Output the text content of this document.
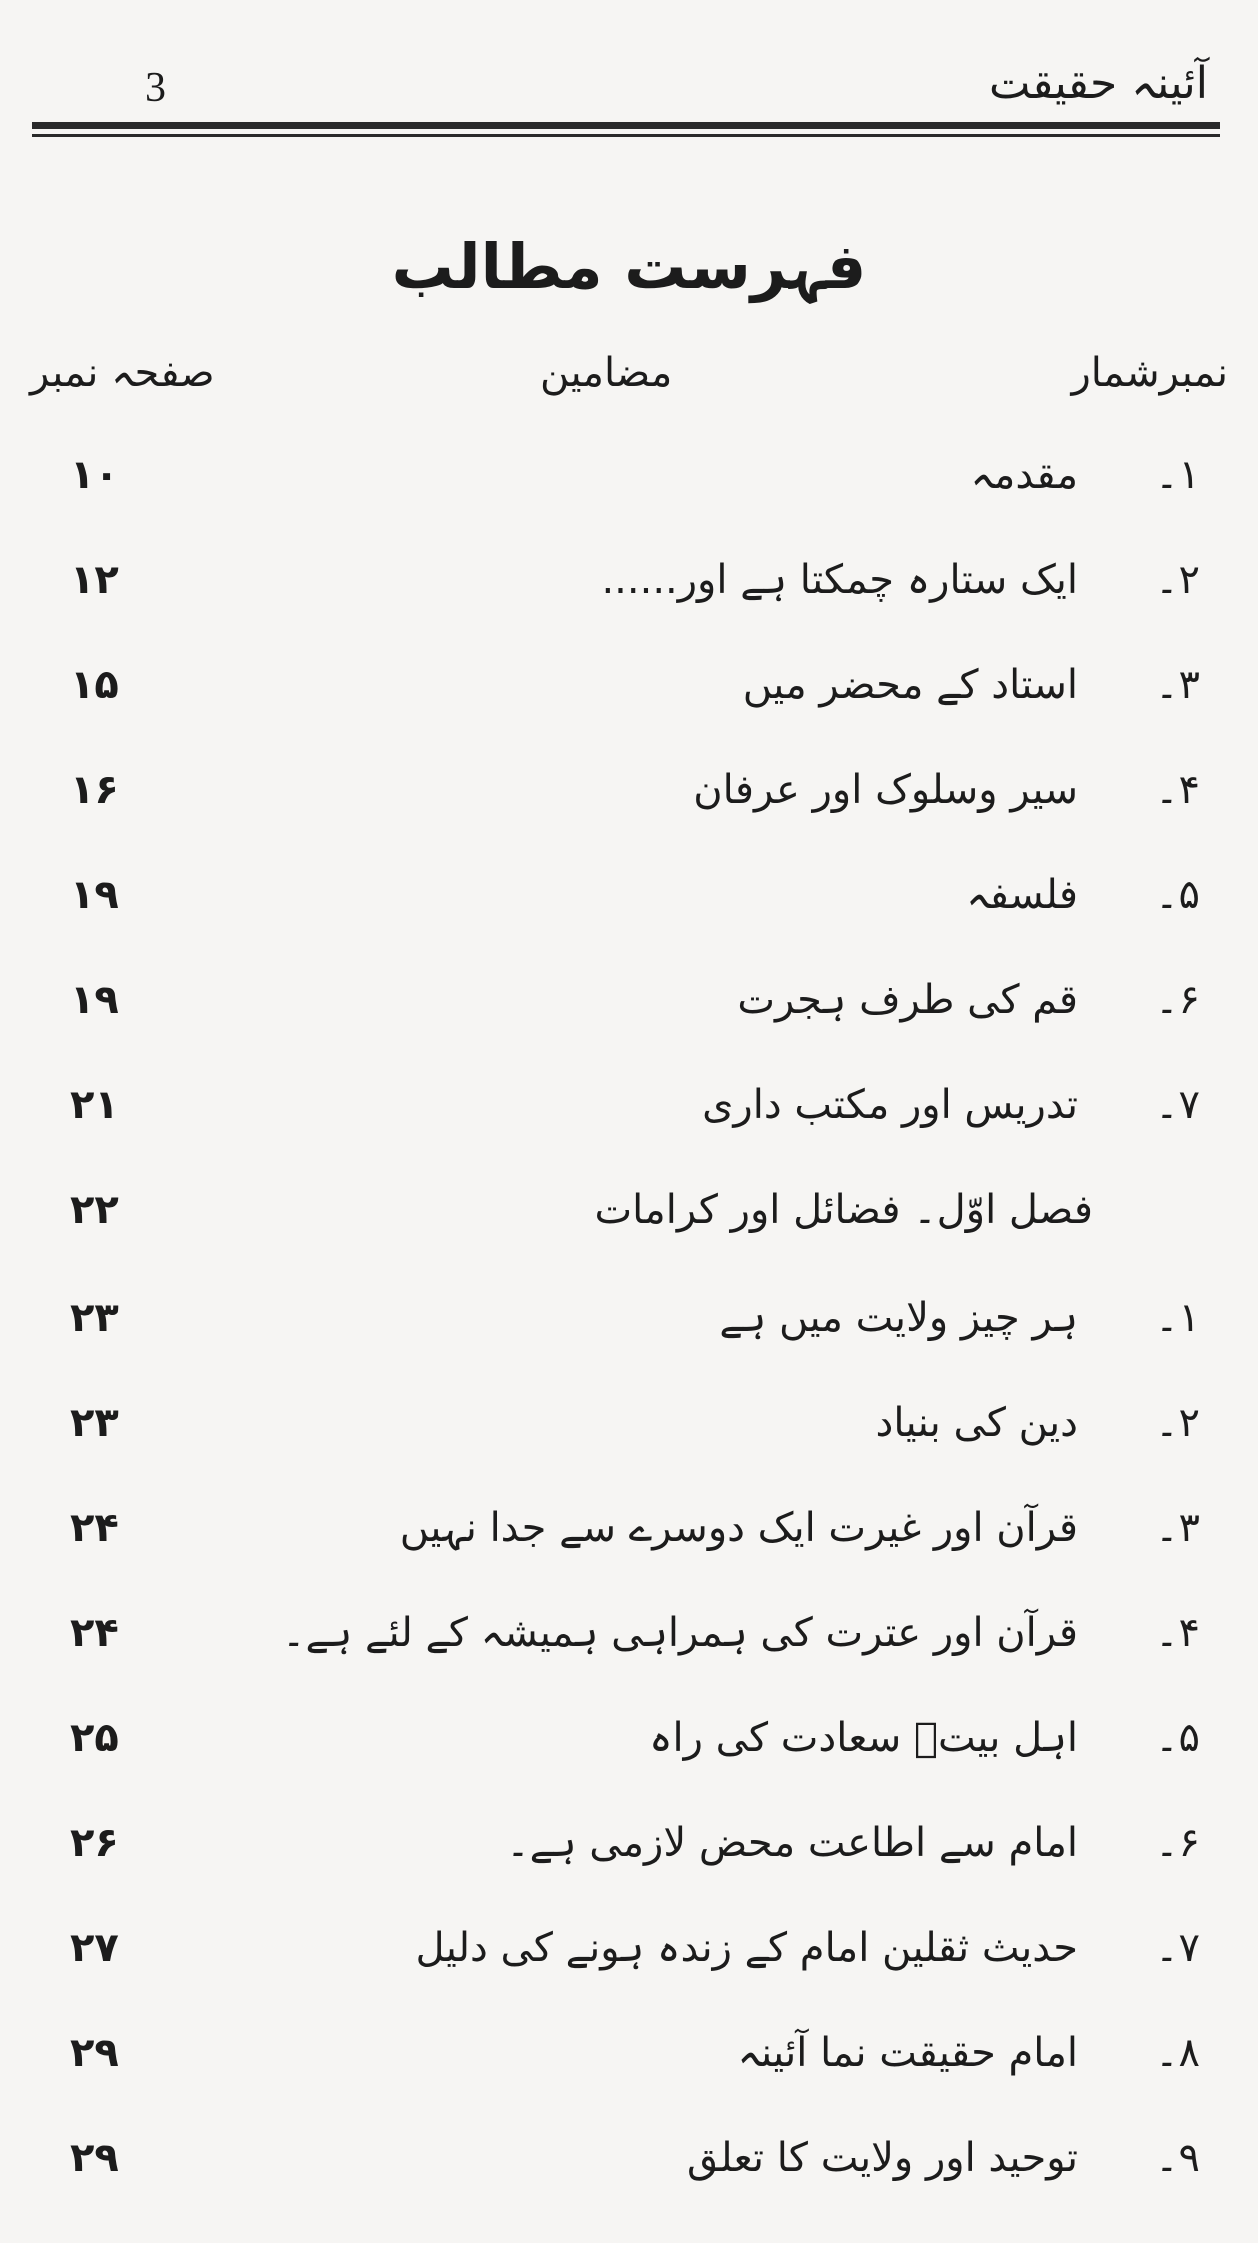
آئینہ حقیقت
3
فہرست مطالب
نمبرشمار
مضامین
صفحہ نمبر
۱۔
مقدمہ
۱۰
۲۔
ایک ستارہ چمکتا ہے اور......
۱۲
۳۔
استاد کے محضر میں
۱۵
۴۔
سیر وسلوک اور عرفان
۱۶
۵۔
فلسفہ
۱۹
۶۔
قم کی طرف ہجرت
۱۹
۷۔
تدریس اور مکتب داری
۲۱
فصل اوّل۔ فضائل اور کرامات
۲۲
۱۔
ہر چیز ولایت میں ہے
۲۳
۲۔
دین کی بنیاد
۲۳
۳۔
قرآن اور غیرت ایک دوسرے سے جدا نہیں
۲۴
۴۔
قرآن اور عترت کی ہمراہی ہمیشہ کے لئے ہے۔
۲۴
۵۔
اہل بیتؑ سعادت کی راہ
۲۵
۶۔
امام سے اطاعت محض لازمی ہے۔
۲۶
۷۔
حدیث ثقلین امام کے زندہ ہونے کی دلیل
۲۷
۸۔
امام حقیقت نما آئینہ
۲۹
۹۔
توحید اور ولایت کا تعلق
۲۹
